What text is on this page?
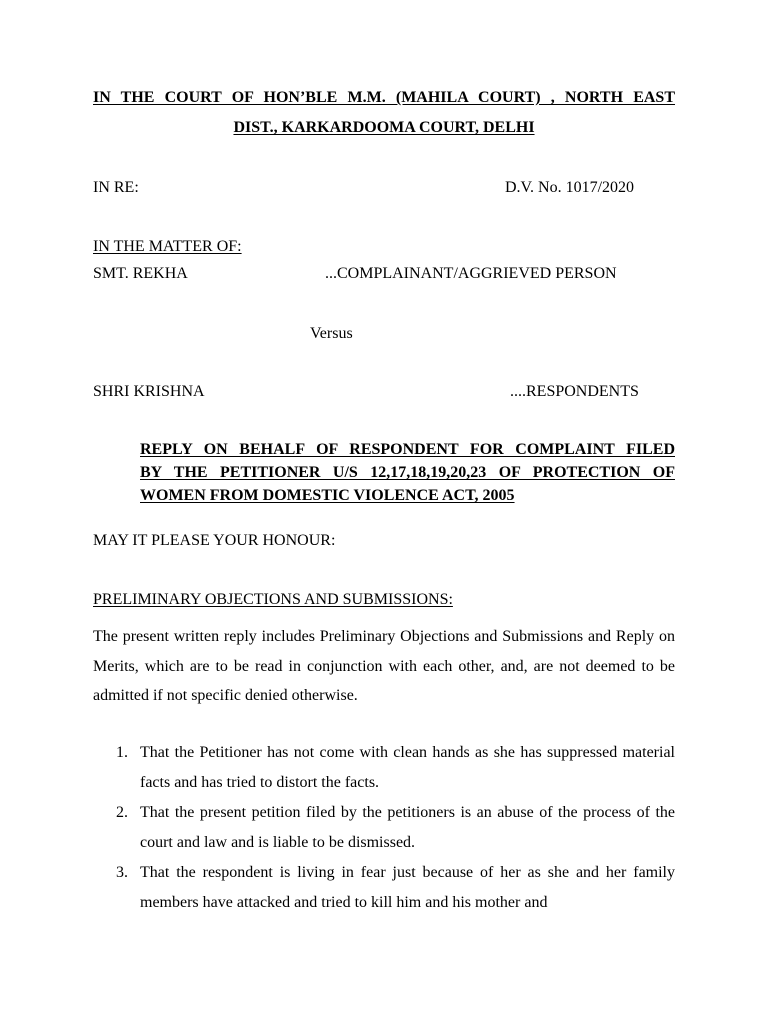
IN THE COURT OF HON’BLE M.M. (MAHILA COURT) , NORTH EAST
DIST., KARKARDOOMA COURT, DELHI
IN RE:	D.V. No. 1017/2020
IN THE MATTER OF:
SMT. REKHA	...COMPLAINANT/AGGRIEVED PERSON
Versus
SHRI KRISHNA	....RESPONDENTS
REPLY ON BEHALF OF RESPONDENT FOR COMPLAINT FILED
BY THE PETITIONER U/S 12,17,18,19,20,23 OF PROTECTION OF
WOMEN FROM DOMESTIC VIOLENCE ACT, 2005
MAY IT PLEASE YOUR HONOUR:
PRELIMINARY OBJECTIONS AND SUBMISSIONS:
The present written reply includes Preliminary Objections and Submissions and Reply on Merits, which are to be read in conjunction with each other, and, are not deemed to be admitted if not specific denied otherwise.
1. That the Petitioner has not come with clean hands as she has suppressed material facts and has tried to distort the facts.
2. That the present petition filed by the petitioners is an abuse of the process of the court and law and is liable to be dismissed.
3. That the respondent is living in fear just because of her as she and her family members have attacked and tried to kill him and his mother and
